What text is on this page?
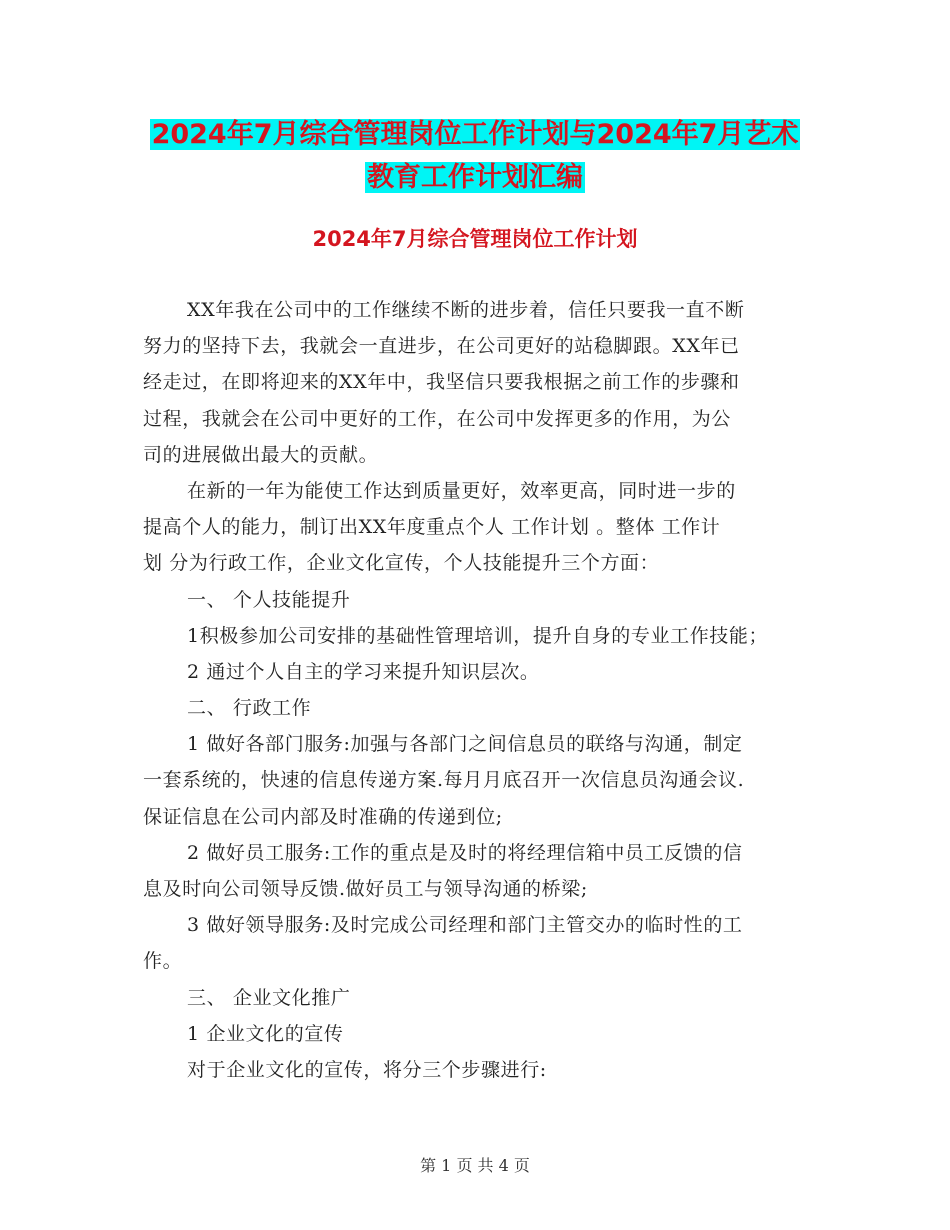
2024年7月综合管理岗位工作计划与2024年7月艺术
教育工作计划汇编
2024年7月综合管理岗位工作计划
XX年我在公司中的工作继续不断的进步着，信任只要我一直不断
努力的坚持下去，我就会一直进步，在公司更好的站稳脚跟。XX年已
经走过，在即将迎来的XX年中，我坚信只要我根据之前工作的步骤和
过程，我就会在公司中更好的工作，在公司中发挥更多的作用，为公
司的进展做出最大的贡献。
在新的一年为能使工作达到质量更好，效率更高，同时进一步的
提高个人的能力，制订出XX年度重点个人 工作计划 。整体 工作计
划 分为行政工作，企业文化宣传，个人技能提升三个方面：
一、 个人技能提升
1积极参加公司安排的基础性管理培训，提升自身的专业工作技能；
2 通过个人自主的学习来提升知识层次。
二、 行政工作
1 做好各部门服务:加强与各部门之间信息员的联络与沟通，制定
一套系统的，快速的信息传递方案.每月月底召开一次信息员沟通会议.
保证信息在公司内部及时准确的传递到位;
2 做好员工服务:工作的重点是及时的将经理信箱中员工反馈的信
息及时向公司领导反馈.做好员工与领导沟通的桥梁;
3 做好领导服务:及时完成公司经理和部门主管交办的临时性的工
作。
三、 企业文化推广
1 企业文化的宣传
对于企业文化的宣传，将分三个步骤进行:
第 1 页 共 4 页
